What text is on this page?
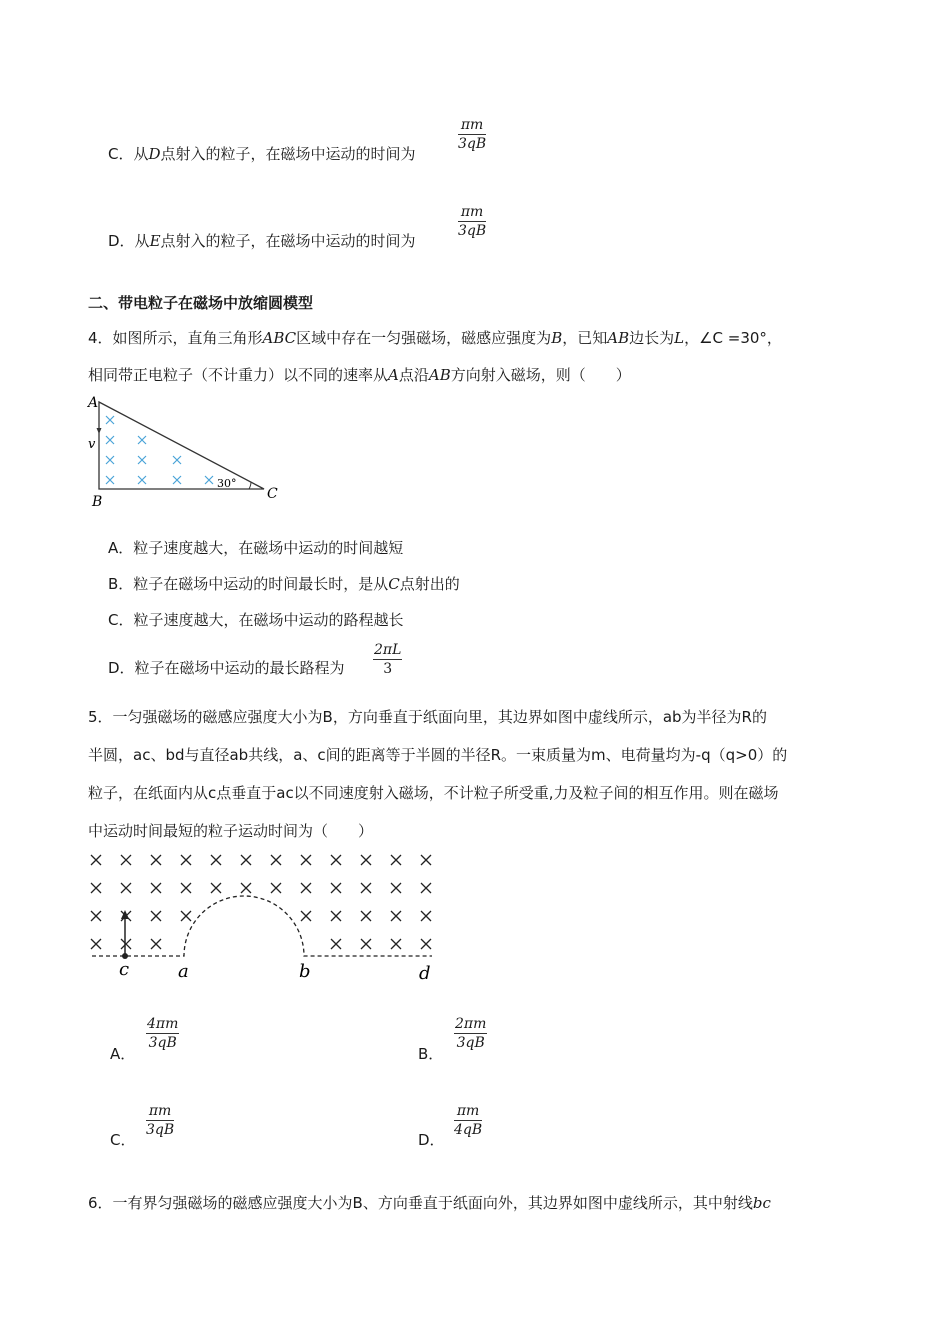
C．从D点射入的粒子，在磁场中运动的时间为
$\frac{\pi m}{3qB}$
D．从E点射入的粒子，在磁场中运动的时间为
$\frac{\pi m}{3qB}$
二、带电粒子在磁场中放缩圆模型
4．如图所示，直角三角形ABC区域中存在一匀强磁场，磁感应强度为B，已知AB边长为L，∠C =30°，
相同带正电粒子（不计重力）以不同的速率从A点沿AB方向射入磁场，则（　　）
A
v
B	C
30°
A．粒子速度越大，在磁场中运动的时间越短
B．粒子在磁场中运动的时间最长时，是从C点射出的
C．粒子速度越大，在磁场中运动的路程越长
D．粒子在磁场中运动的最长路程为 $\frac{2\pi L}{3}$
5．一匀强磁场的磁感应强度大小为B，方向垂直于纸面向里，其边界如图中虚线所示，ab为半径为R的
半圆，ac、bd与直径ab共线，a、c间的距离等于半圆的半径R。一束质量为m、电荷量均为-q（q>0）的
粒子，在纸面内从c点垂直于ac以不同速度射入磁场，不计粒子所受重,力及粒子间的相互作用。则在磁场
中运动时间最短的粒子运动时间为（　　）
c	a	b	d
A．
$\frac{4\pi m}{3qB}$
B．
$\frac{2\pi m}{3qB}$
C．
$\frac{\pi m}{3qB}$
D．
$\frac{\pi m}{4qB}$
6．一有界匀强磁场的磁感应强度大小为B、方向垂直于纸面向外，其边界如图中虚线所示，其中射线bc
